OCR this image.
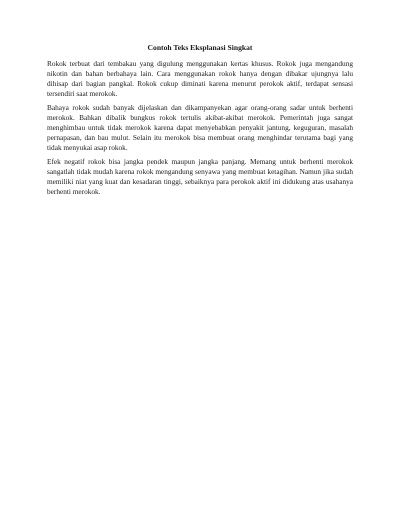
Contoh Teks Eksplanasi Singkat

Rokok terbuat dari tembakau yang digulung menggunakan kertas khusus. Rokok juga mengandung nikotin dan bahan berbahaya lain. Cara menggunakan rokok hanya dengan dibakar ujungnya lalu dihisap dari bagian pangkal. Rokok cukup diminati karena menurut perokok aktif, terdapat sensasi tersendiri saat merokok.

Bahaya rokok sudah banyak dijelaskan dan dikampanyekan agar orang-orang sadar untuk berhenti merokok. Bahkan dibalik bungkus rokok tertulis akibat-akibat merokok. Pemerintah juga sangat menghimbau untuk tidak merokok karena dapat menyebabkan penyakit jantung, keguguran, masalah pernapasan, dan bau mulut. Selain itu merokok bisa membuat orang menghindar terutama bagi yang tidak menyukai asap rokok.

Efek negatif rokok bisa jangka pendek maupun jangka panjang. Memang untuk berhenti merokok sangatlah tidak mudah karena rokok mengandung senyawa yang membuat ketagihan. Namun jika sudah memiliki niat yang kuat dan kesadaran tinggi, sebaiknya para perokok aktif ini didukung atas usahanya berhenti merokok.
